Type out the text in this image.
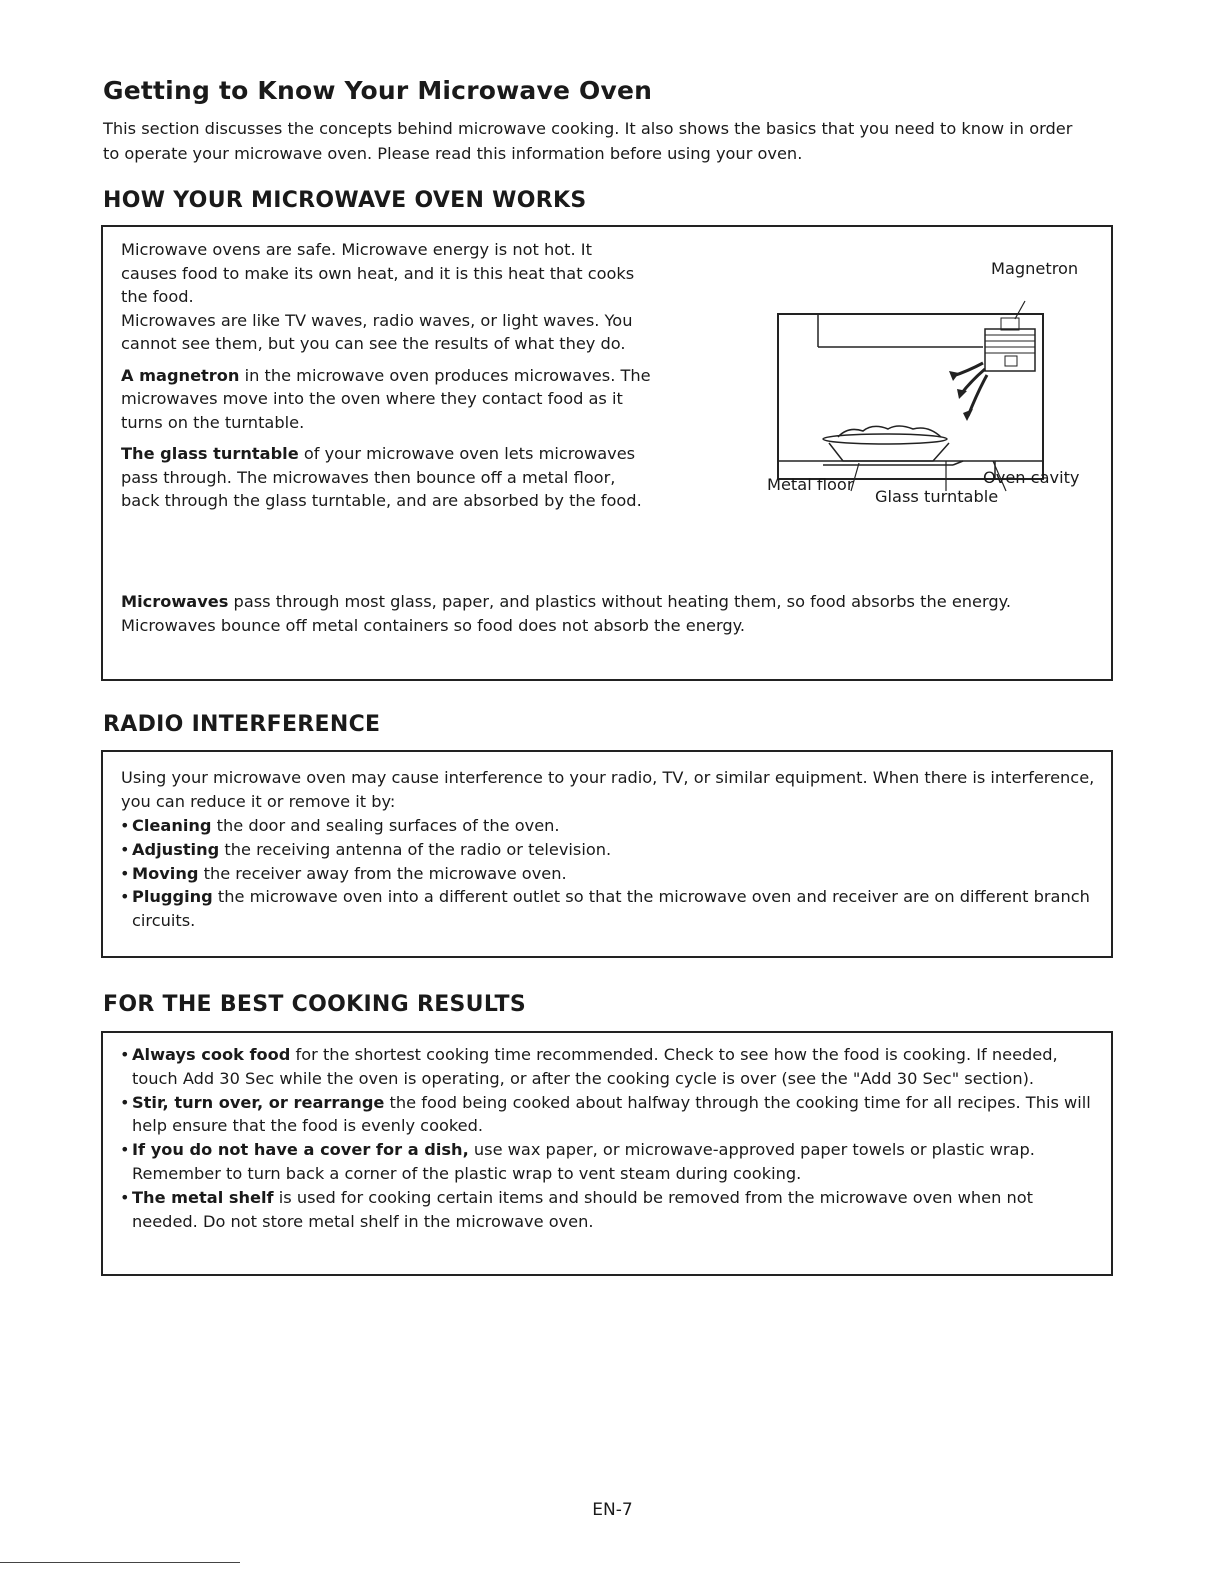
Getting to Know Your Microwave Oven

This section discusses the concepts behind microwave cooking. It also shows the basics that you need to know in order to operate your microwave oven. Please read this information before using your oven.

HOW YOUR MICROWAVE OVEN WORKS

Microwave ovens are safe. Microwave energy is not hot. It causes food to make its own heat, and it is this heat that cooks the food.

Microwaves are like TV waves, radio waves, or light waves. You cannot see them, but you can see the results of what they do.

A magnetron in the microwave oven produces microwaves. The microwaves move into the oven where they contact food as it turns on the turntable.

The glass turntable of your microwave oven lets microwaves pass through. The microwaves then bounce off a metal floor, back through the glass turntable, and are absorbed by the food.

Microwaves pass through most glass, paper, and plastics without heating them, so food absorbs the energy. Microwaves bounce off metal containers so food does not absorb the energy.

Magnetron
Metal floor
Glass turntable
Oven cavity
RADIO INTERFERENCE

Using your microwave oven may cause interference to your radio, TV, or similar equipment. When there is interference, you can reduce it or remove it by:

• Cleaning the door and sealing surfaces of the oven.
• Adjusting the receiving antenna of the radio or television.
• Moving the receiver away from the microwave oven.
• Plugging the microwave oven into a different outlet so that the microwave oven and receiver are on different branch circuits.
FOR THE BEST COOKING RESULTS
• Always cook food for the shortest cooking time recommended. Check to see how the food is cooking. If needed, touch Add 30 Sec while the oven is operating, or after the cooking cycle is over (see the "Add 30 Sec" section).
• Stir, turn over, or rearrange the food being cooked about halfway through the cooking time for all recipes. This will help ensure that the food is evenly cooked.
• If you do not have a cover for a dish, use wax paper, or microwave-approved paper towels or plastic wrap. Remember to turn back a corner of the plastic wrap to vent steam during cooking.
• The metal shelf is used for cooking certain items and should be removed from the microwave oven when not needed. Do not store metal shelf in the microwave oven.
EN-7
